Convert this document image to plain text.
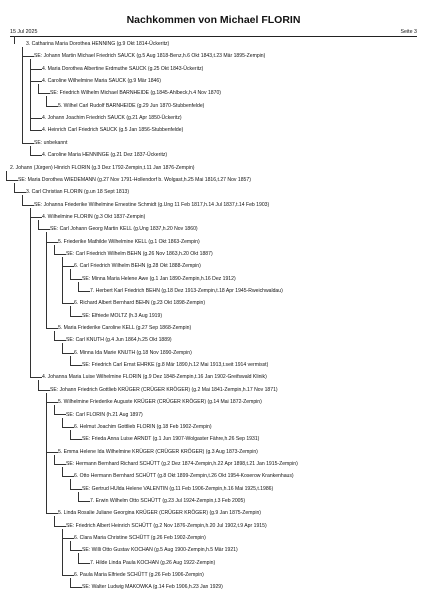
Nachkommen von Michael FLORIN
15 Jul 2025	Seite 3
3. Catharina Maria Dorothea HENNING (g.9 Okt 1814-Ückeritz)
SE: Johann Martin Michael Friedrich SAUCK (g.5 Aug 1818-Benz,h.6 Okt 1843,t.23 Mär 1895-Zempin)
4. Maria Dorothea Albertine Erdmuthe SAUCK (g.25 Okt 1843-Ückeritz)
4. Caroline Wilhelmine Maria SAUCK (g.9 Mär 1846)
SE: Friedrich Wilhelm Michael BARNHEIDE (g.1845-Ahlbeck,h.4 Nov 1870)
5. Wilhel Carl Rudolf BARNHEIDE (g.29 Jun 1870-Stubbenfelde)
4. Johann Joachim Friedrich SAUCK (g.21 Apr 1850-Ückeritz)
4. Heinrich Carl Friedrich SAUCK (g.5 Jan 1856-Stubbenfelde)
SE: unbekannt
4. Caroline Maria HENNINGE (g.21 Dez 1837-Ückeritz)
2. Johann (Jürgen) Hinrich FLORIN (g.3 Dez 1792-Zempin,t.11 Jan 1876-Zempin)
SE: Maria Dorothea WIEDEMANN (g.27 Nov 1791-Hollendorf b. Wolgast,h.25 Mai 1816,t.27 Nov 1857)
3. Carl Christian FLORIN (g.un 18 Sept 1813)
SE: Johanna Friederike Wilhelmine Ernestine Schmidt (g.Ung 11 Feb 1817,h.14 Jul 1837,t.14 Feb 1903)
4. Wilhelmine FLORIN (g.3 Okt 1837-Zempin)
SE: Carl Johann Georg Martin KELL (g.Ung 1837,h.20 Nov 1860)
5. Friederike Mathilde Wilhelmine KELL (g.1 Okt 1863-Zempin)
SE: Carl Friedrich Wilhelm BEHN (g.26 Nov 1863,h.20 Okt 1887)
6. Carl Friedrich Wilhelm BEHN (g.28 Okt 1888-Zempin)
SE: Minna Maria Helene Awe (g.1 Jan 1890-Zempin,h.16 Dez 1912)
7. Herbert Karl Friedrich BEHN (g.18 Dez 1913-Zempin,t.18 Apr 1945-Rweichwaldau)
6. Richard Albert Bernhard BEHN (g.23 Okt 1898-Zempin)
SE: Elfriede MOLTZ (h.3 Aug 1919)
5. Maria Friederike Caroline KELL (g.27 Sep 1868-Zempin)
SE: Carl KNUTH (g.4 Jun 1864,h.25 Okt 1889)
6. Minna Ida Marie KNUTH (g.18 Nov 1890-Zempin)
SE: Friedrich Carl Ernst EHRKE (g.8 Mär 1890,h.12 Mai 1913,t.seit 1914 vermisst)
4. Johanna Maria Luise Wilhelmine FLORIN (g.9 Dez 1848-Zempin,t.16 Jan 1902-Greifswald Klinik)
SE: Johann Friedrich Gottlieb KRÜGER (CRÜGER KRÖGER) (g.2 Mai 1841-Zempin,h.17 Nov 1871)
5. Wilhelmine Friederike Auguste KRÜGER (CRÜGER KRÖGER) (g.14 Mai 1872-Zempin)
SE: Carl FLORIN (h.21 Aug 1897)
6. Helmut Joachim Gottlieb FLORIN (g.18 Feb 1902-Zempin)
SE: Frieda Anna Luise ARNDT (g.1 Jun 1907-Wolgaster Fähre,h.26 Sep 1931)
5. Emma Helene Ida Wilhelmine KRÜGER (CRÜGER KRÖGER) (g.3 Aug 1873-Zempin)
SE: Hermann Bernhard Richard SCHÜTT (g.2 Dez 1874-Zempin,h.22 Apr 1898,t.21 Jan 1915-Zempin)
6. Otto Hermann Bernhard SCHÜTT (g.8 Okt 1899-Zempin,t.26 Okt 1954-Koserow Krankenhaus)
SE: Gertrud HUlda Helene VALENTIN (g.11 Feb 1906-Zempin,h.16 Mai 1925,t.1986)
7. Erwin Wilhelm Otto SCHÜTT (g.23 Jul 1924-Zempin,t.3 Feb 2005)
5. Linda Rosalie Juliane Georgina KRÜGER (CRÜGER KRÖGER) (g.9 Jan 1875-Zempin)
SE: Friedrich Albert Heinrich SCHÜTT (g.2 Nov 1876-Zempin,h.20 Jul 1902,t.9 Apr 1915)
6. Clara Maria Christine SCHÜTT (g.26 Feb 1902-Zempin)
SE: Willi Otto Gustav KOCHAN (g.5 Aug 1900-Zempin,h.5 Mär 1921)
7. Hilde Linda Paula KOCHAN (g.26 Aug 1922-Zempin)
6. Paula Maria Elfriede SCHÜTT (g.26 Feb 1906-Zempin)
SE: Walter Ludwig MAKOWKA (g.14 Feb 1906,h.23 Jan 1929)
